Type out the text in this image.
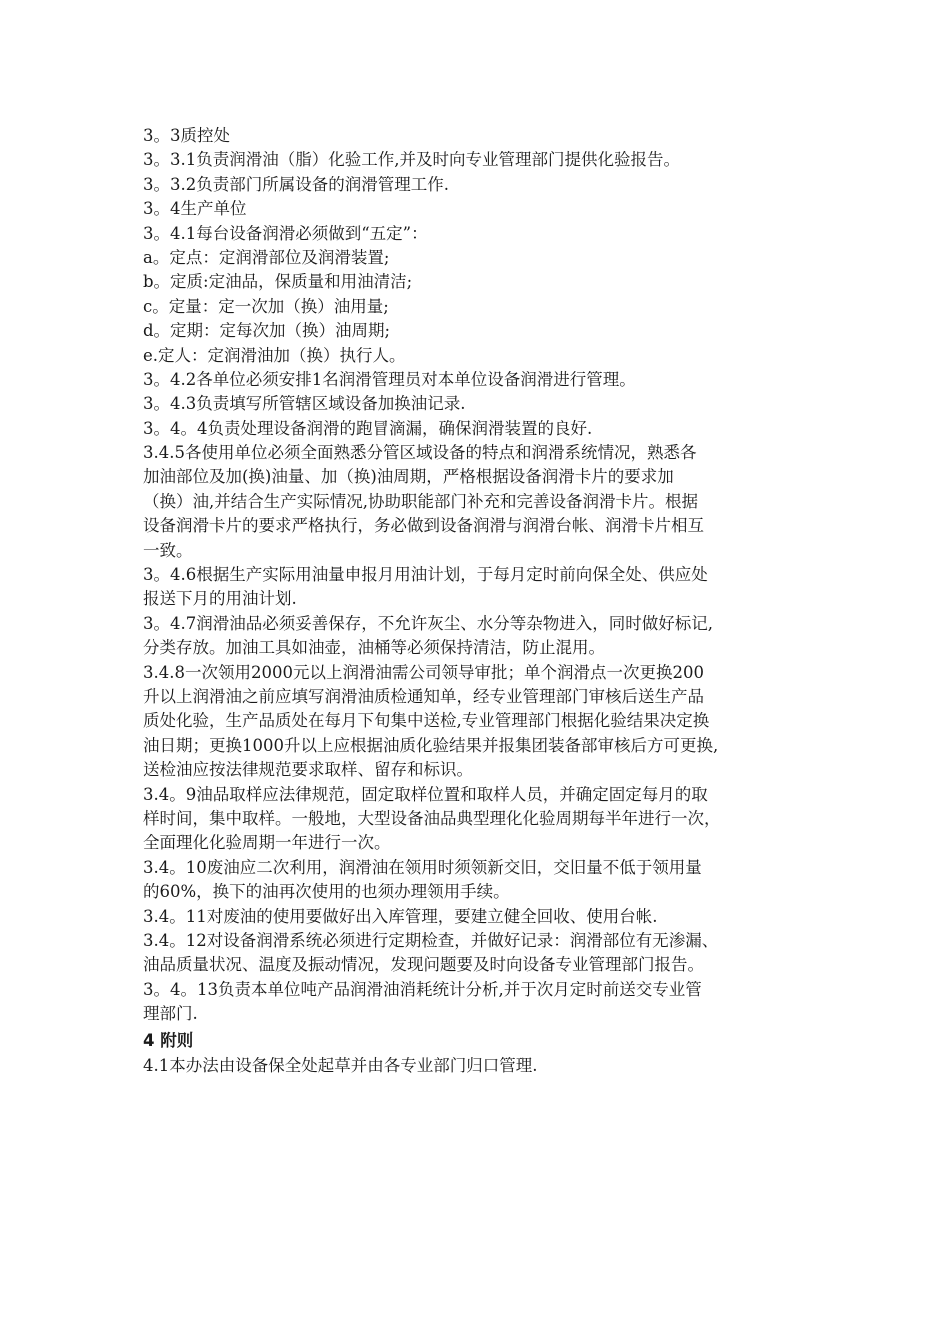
3。3质控处
3。3.1负责润滑油（脂）化验工作,并及时向专业管理部门提供化验报告。
3。3.2负责部门所属设备的润滑管理工作.
3。4生产单位
3。4.1每台设备润滑必须做到“五定”：
a。定点：定润滑部位及润滑装置;
b。定质:定油品，保质量和用油清洁;
c。定量：定一次加（换）油用量;
d。定期：定每次加（换）油周期;
e.定人：定润滑油加（换）执行人。
3。4.2各单位必须安排1名润滑管理员对本单位设备润滑进行管理。
3。4.3负责填写所管辖区域设备加换油记录.
3。4。4负责处理设备润滑的跑冒滴漏，确保润滑装置的良好.
3.4.5各使用单位必须全面熟悉分管区域设备的特点和润滑系统情况，熟悉各
加油部位及加(换)油量、加（换)油周期，严格根据设备润滑卡片的要求加
（换）油,并结合生产实际情况,协助职能部门补充和完善设备润滑卡片。根据
设备润滑卡片的要求严格执行，务必做到设备润滑与润滑台帐、润滑卡片相互
一致。
3。4.6根据生产实际用油量申报月用油计划，于每月定时前向保全处、供应处
报送下月的用油计划.
3。4.7润滑油品必须妥善保存，不允许灰尘、水分等杂物进入，同时做好标记,
分类存放。加油工具如油壶，油桶等必须保持清洁，防止混用。
3.4.8一次领用2000元以上润滑油需公司领导审批；单个润滑点一次更换200
升以上润滑油之前应填写润滑油质检通知单，经专业管理部门审核后送生产品
质处化验，生产品质处在每月下旬集中送检,专业管理部门根据化验结果决定换
油日期；更换1000升以上应根据油质化验结果并报集团装备部审核后方可更换,
送检油应按法律规范要求取样、留存和标识。
3.4。9油品取样应法律规范，固定取样位置和取样人员，并确定固定每月的取
样时间，集中取样。一般地，大型设备油品典型理化化验周期每半年进行一次，
全面理化化验周期一年进行一次。
3.4。10废油应二次利用，润滑油在领用时须领新交旧，交旧量不低于领用量
的60%，换下的油再次使用的也须办理领用手续。
3.4。11对废油的使用要做好出入库管理，要建立健全回收、使用台帐.
3.4。12对设备润滑系统必须进行定期检查，并做好记录：润滑部位有无渗漏、
油品质量状况、温度及振动情况，发现问题要及时向设备专业管理部门报告。
3。4。13负责本单位吨产品润滑油消耗统计分析,并于次月定时前送交专业管
理部门.
4 附则
4.1本办法由设备保全处起草并由各专业部门归口管理.
